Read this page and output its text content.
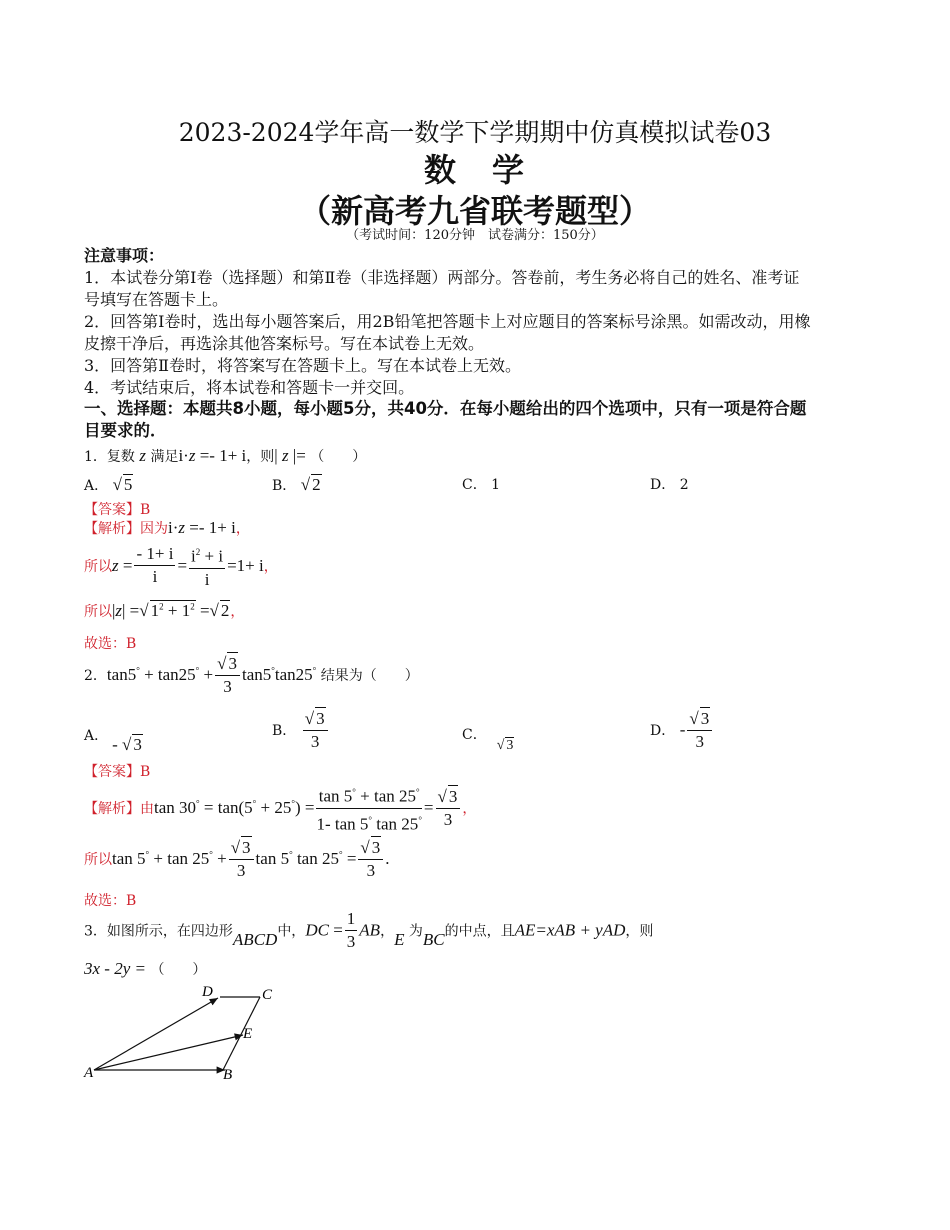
2023-2024学年高一数学下学期期中仿真模拟试卷03
数　学
（新高考九省联考题型）
（考试时间：120分钟　试卷满分：150分）
注意事项：
1．本试卷分第Ⅰ卷（选择题）和第Ⅱ卷（非选择题）两部分。答卷前，考生务必将自己的姓名、准考证号填写在答题卡上。
2．回答第Ⅰ卷时，选出每小题答案后，用2B铅笔把答题卡上对应题目的答案标号涂黑。如需改动，用橡皮擦干净后，再选涂其他答案标号。写在本试卷上无效。
3．回答第Ⅱ卷时，将答案写在答题卡上。写在本试卷上无效。
4．考试结束后，将本试卷和答题卡一并交回。
一、选择题：本题共8小题，每小题5分，共40分．在每小题给出的四个选项中，只有一项是符合题目要求的．
1．复数 z 满足i·z =- 1+ i，则| z |= （　　）
A． √ 5	B． √ 2	C． 1	D． 2
【答案】B
【解析】因为i·z =- 1+ i，
所以$z = \frac{- 1+ i}{i} = \frac{i^2 + i}{i} =1+ i$，
所以|z| =√ $1^2 + 1^2$ =√ 2，
故选：B
2．$\tan 5^\circ + \tan 25^\circ + \frac{√ 3}{3} \tan 5^\circ\tan 25^\circ$ 结果为（　　）
A． - √ 3
B． $\frac{√ 3}{3}$	C．√ 3
D． - $\frac{√ 3}{3}$
【答案】B
【解析】由$\tan 30^\circ = \tan(5^\circ + 25^\circ) = \frac{\tan 5^\circ + \tan 25^\circ}{1- \tan 5^\circ \tan 25^\circ} = \frac{√ 3}{3}$ ，
所以$\tan 5^\circ + \tan 25^\circ + \frac{√ 3}{3}$ tan 5° $\tan 25^\circ = \frac{√ 3}{3}$ .
故选：B
3．如图所示，在四边形ABCD中，DC = $\frac{1}{3}$ AB，E 为BC的中点，且AE=xAB + yAD，则
3x - 2y = （　　）
A	B
C
D
E
